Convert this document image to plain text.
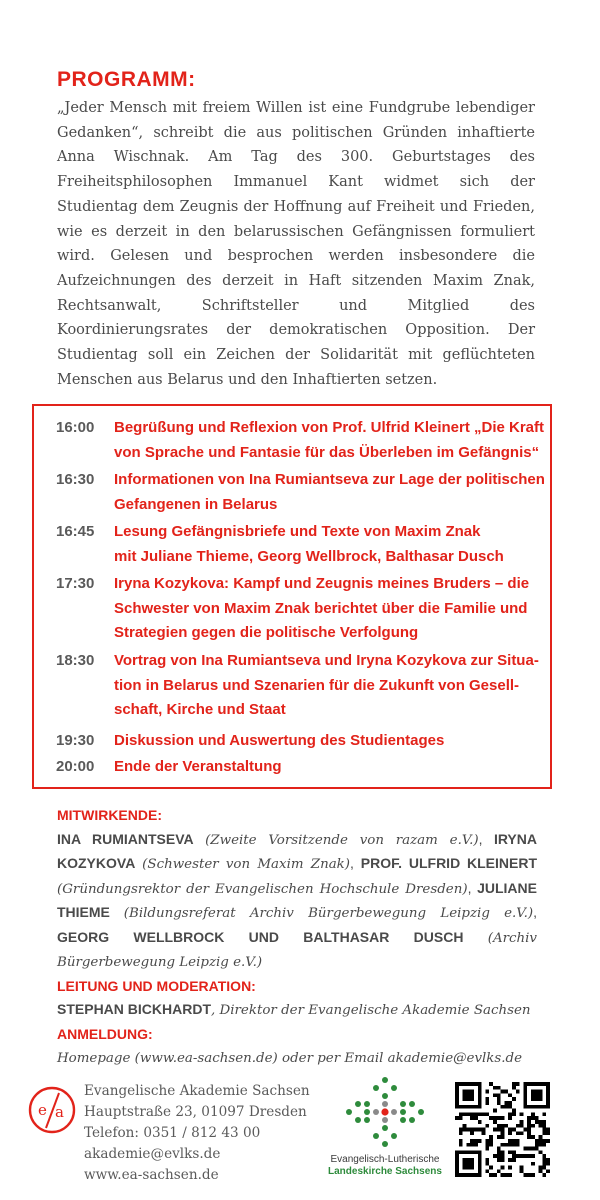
PROGRAMM:

„Jeder Mensch mit freiem Willen ist eine Fundgrube lebendiger Gedanken“, schreibt die aus politischen Gründen inhaftierte Anna Wischnak. Am Tag des 300. Geburtstages des Freiheitsphilosophen Immanuel Kant widmet sich der Studientag dem Zeugnis der Hoffnung auf Freiheit und Frieden, wie es derzeit in den belarussischen Gefängnissen formuliert wird. Gelesen und besprochen werden insbesondere die Aufzeichnungen des derzeit in Haft sitzenden Maxim Znak, Rechtsanwalt, Schriftsteller und Mitglied des Koordinierungsrates der demokratischen Opposition. Der Studientag soll ein Zeichen der Solidarität mit geflüchteten Menschen aus Belarus und den Inhaftierten setzen.

16:00	Begrüßung und Reflexion von Prof. Ulfrid Kleinert „Die Kraft
von Sprache und Fantasie für das Überleben im Gefängnis“
16:30	Informationen von Ina Rumiantseva zur Lage der politischen
Gefangenen in Belarus
16:45	Lesung Gefängnisbriefe und Texte von Maxim Znak
mit Juliane Thieme, Georg Wellbrock, Balthasar Dusch
17:30	Iryna Kozykova: Kampf und Zeugnis meines Bruders – die
Schwester von Maxim Znak berichtet über die Familie und
Strategien gegen die politische Verfolgung
18:30	Vortrag von Ina Rumiantseva und Iryna Kozykova zur Situa-
tion in Belarus und Szenarien für die Zukunft von Gesell-
schaft, Kirche und Staat
19:30	Diskussion und Auswertung des Studientages
20:00	Ende der Veranstaltung

MITWIRKENDE:

INA RUMIANTSEVA (Zweite Vorsitzende von razam e.V.), IRYNA KOZYKOVA (Schwester von Maxim Znak), PROF. ULFRID KLEINERT (Gründungsrektor der Evangelischen Hochschule Dresden), JULIANE THIEME (Bildungsreferat Archiv Bürgerbewegung Leipzig e.V.), GEORG WELLBROCK UND BALTHASAR DUSCH (Archiv Bürgerbewegung Leipzig e.V.)

LEITUNG UND MODERATION:

STEPHAN BICKHARDT, Direktor der Evangelische Akademie Sachsen

ANMELDUNG:

Homepage (www.ea-sachsen.de) oder per Email akademie@evlks.de

e a
Evangelische Akademie Sachsen
Hauptstraße 23, 01097 Dresden
Telefon: 0351 / 812 43 00
akademie@evlks.de
www.ea-sachsen.de
Evangelisch-Lutherische
Landeskirche Sachsens
